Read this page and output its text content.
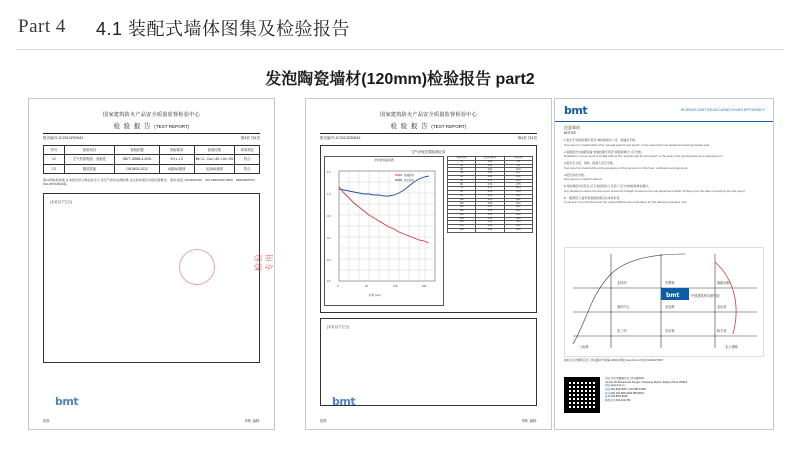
Part 4 4.1 装配式墙体图集及检验报告
发泡陶瓷墙材(120mm)检验报告 part2
国家建筑防火产品安全质量监督检验中心
检 验 报 告 (TEST REPORT)
报告编号:JC2013ZS0543	第3页 共4页
序号	检验项目	检验依据	指标要求	检验结果	单项判定
12	空气有害物质、放射性	GB/T 18968-3-2001	ΣΗ ≤ 1.0	Be CL, Cu≥ <40 1.0e <25	符合
13	燃烧性能	GB 8624-2012	A级/A1级别	达到A1级别	符合
第13项检验结果:在本报告所示样品状态下,该空气净化检测结果,未达到本项目自报标准要求。 联系电话: 4000036799、010-68569362-8695、89800805709、010-88722816等。
(本页以下空白)
批准:	审核: 编制:
bmt
检验专用
国家建筑防火产品安全质量监督检验中心
检 验 报 告 (TEST REPORT)
报告编号:JC2013ZS0543	第4页 共4页
空气净化效果检测记录
净化效率曲线图
1.2
1.0
0.8
0.6
0.4
0.0
0	60	120	180
时间 (min)
检测浓度
对比浓度
时间(min)	浓度(mg/m³)	效率(%)
0	1.02	0.0
10	0.96	5.9
20	0.91	10.8
30	0.86	15.7
40	0.82	19.6
50	0.78	23.5
60	0.74	27.5
70	0.71	30.4
80	0.68	33.3
90	0.65	36.3
100	0.62	39.2
110	0.60	41.2
120	0.57	44.1
130	0.55	46.1
140	0.53	48.0
150	0.51	50.0
160	0.49	52.0
170	0.48	52.9
180	0.46	54.9
(本页以下空白)
批准:	审核: 编制:
bmt
bmt	BCIENCE/JUSTICE/ACCURACY/HIGH EFFICIENCY
注意事项
NOTICE
1.报告无"检验检测专用章"或检验单位公章、骑缝章无效。
Test report is invalid without the "special seal for test report" or the seal of the test department and perforated seal.
2.复制报告未重新加盖"检验检测专用章"或检验单位公章无效。
Duplication of test report is invalid without the "special seal for test report" or the seal of the test department re-stamped on it.
3.报告无主检、审核、批准人签字无效。
Test report is invalid without the signatures of the persons for chief test, verification and approval.
4.报告涂改无效。
Test report is invalid if altered.
5.对检验报告有异议,应于收到报告之日起十五日内向检验单位提出。
Any dissidence about the test report should be brought forward to the test department within 15 days from the date of receiving the test report.
6.一般情况下,委托检验的结果仅对来样负责。
In general, the entrusted tests the responsibilities are undertaken for the delivered samples only.
bmt
北四环	安慧桥	惠新西街
中国建筑科学研究院
奥体中心	北辰路	亚运村
北三环	安贞桥	和平里
八角路	北土城路
地址:北京市朝阳区北三环东路30号 邮编:100013 网址:www.bmt.cn 电话:010-84273067
地址:北京市朝阳区北三环东路30号
Add:No.30 Beisanhuan Donglu, Chaoyang District, Beijing China 100013
网址:www.bmt.cn
电话:010-84273067 / 010-88713189
Tel:(+86)-010-88714944 88740621
传真:010-88713189
服务热线:400-010-789
